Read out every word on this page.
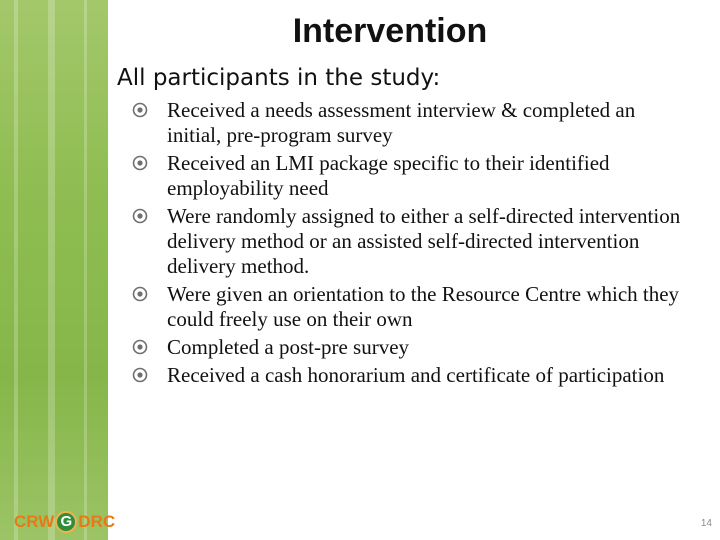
Intervention

All participants in the study:

Received a needs assessment interview & completed an initial, pre-program survey
Received an LMI package specific to their identified employability need
Were randomly assigned to either a self-directed intervention delivery method or an assisted self-directed intervention delivery method.
Were given an orientation to the Resource Centre which they could freely use on their own
Completed a post-pre survey
Received a cash honorarium and certificate of participation
CRW G DRC	14
